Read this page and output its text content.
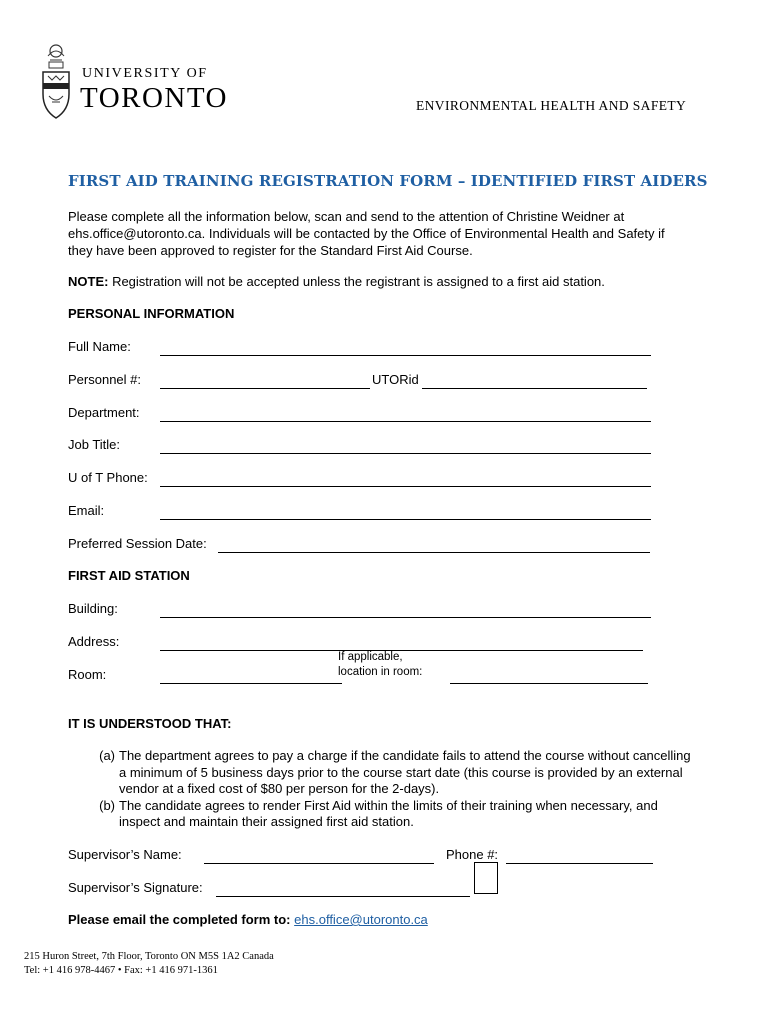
UNIVERSITY OF
TORONTO	ENVIRONMENTAL HEALTH AND SAFETY
FIRST AID TRAINING REGISTRATION FORM – IDENTIFIED FIRST AIDERS
Please complete all the information below, scan and send to the attention of Christine Weidner at ehs.office@utoronto.ca. Individuals will be contacted by the Office of Environmental Health and Safety if they have been approved to register for the Standard First Aid Course.
NOTE: Registration will not be accepted unless the registrant is assigned to a first aid station.
PERSONAL INFORMATION
Full Name:
Personnel #:	UTORid
Department:
Job Title:
U of T Phone:
Email:
Preferred Session Date:
FIRST AID STATION
Building:
Address:
Room:
If applicable,
location in room:
IT IS UNDERSTOOD THAT:
(a) The department agrees to pay a charge if the candidate fails to attend the course without cancelling a minimum of 5 business days prior to the course start date (this course is provided by an external vendor at a fixed cost of $80 per person for the 2-days).
(b) The candidate agrees to render First Aid within the limits of their training when necessary, and inspect and maintain their assigned first aid station.
Supervisor’s Name:	Phone #:
Supervisor’s Signature:
Please email the completed form to: ehs.office@utoronto.ca
215 Huron Street, 7th Floor, Toronto ON M5S 1A2 Canada
Tel: +1 416 978-4467 • Fax: +1 416 971-1361
